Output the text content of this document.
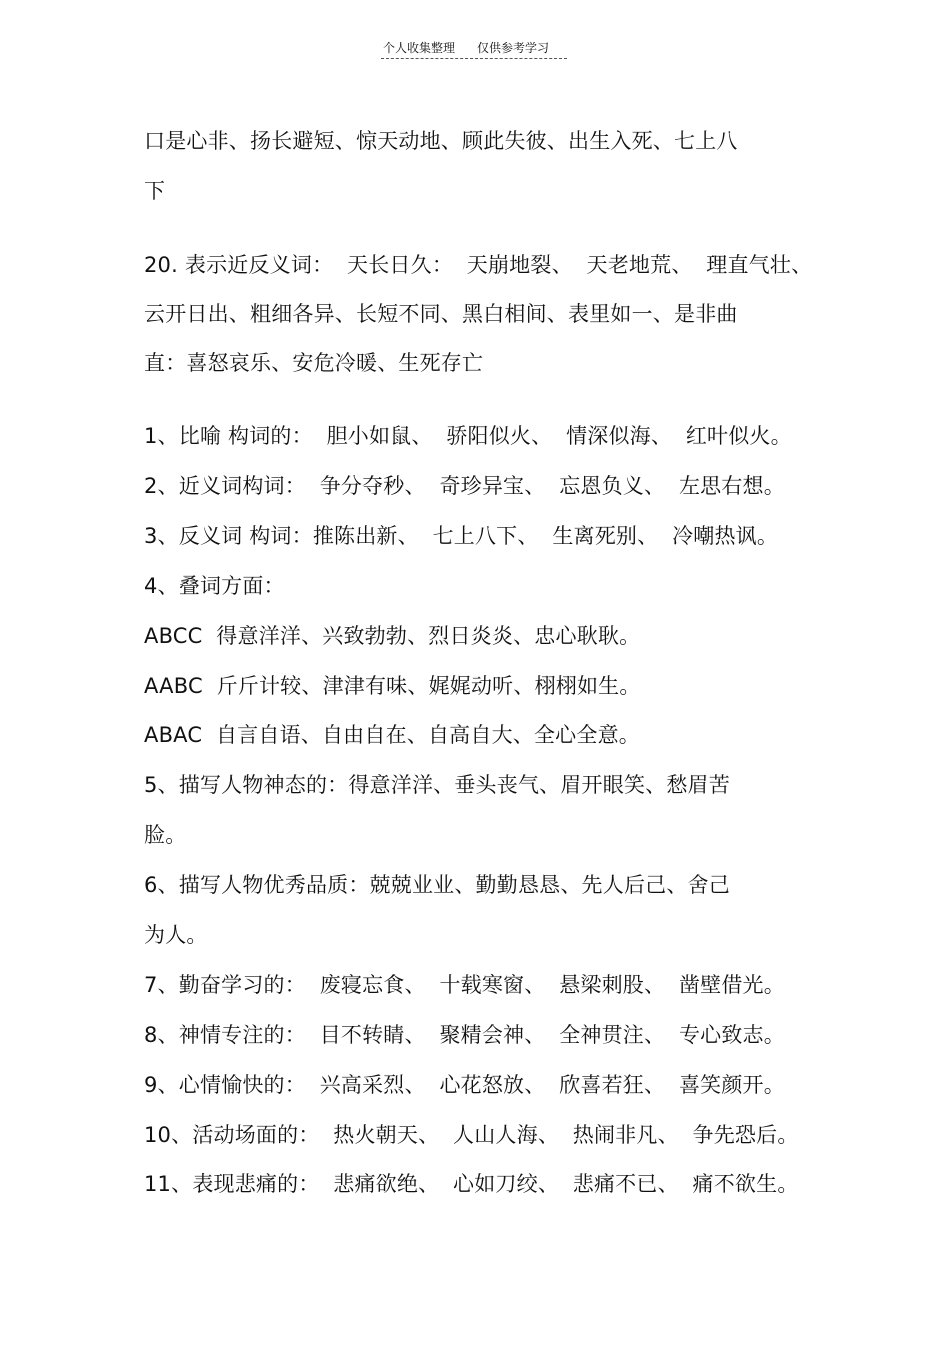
个人收集整理 仅供参考学习
口是心非、扬长避短、惊天动地、顾此失彼、出生入死、七上八
下
20. 表示近反义词：  天长日久：  天崩地裂、  天老地荒、  理直气壮、
云开日出、粗细各异、长短不同、黑白相间、表里如一、是非曲
直：喜怒哀乐、安危冷暖、生死存亡
1、比喻 构词的：  胆小如鼠、  骄阳似火、  情深似海、  红叶似火。
2、近义词构词：  争分夺秒、  奇珍异宝、  忘恩负义、  左思右想。
3、反义词 构词：推陈出新、  七上八下、  生离死别、  冷嘲热讽。
4、叠词方面：
ABCC  得意洋洋、兴致勃勃、烈日炎炎、忠心耿耿。
AABC  斤斤计较、津津有味、娓娓动听、栩栩如生。
ABAC  自言自语、自由自在、自高自大、全心全意。
5、描写人物神态的：得意洋洋、垂头丧气、眉开眼笑、愁眉苦
脸。
6、描写人物优秀品质：兢兢业业、勤勤恳恳、先人后己、舍己
为人。
7、勤奋学习的：  废寝忘食、  十载寒窗、  悬梁刺股、  凿壁借光。
8、神情专注的：  目不转睛、  聚精会神、  全神贯注、  专心致志。
9、心情愉快的：  兴高采烈、  心花怒放、  欣喜若狂、  喜笑颜开。
10、活动场面的：  热火朝天、  人山人海、  热闹非凡、  争先恐后。
11、表现悲痛的：  悲痛欲绝、  心如刀绞、  悲痛不已、  痛不欲生。
